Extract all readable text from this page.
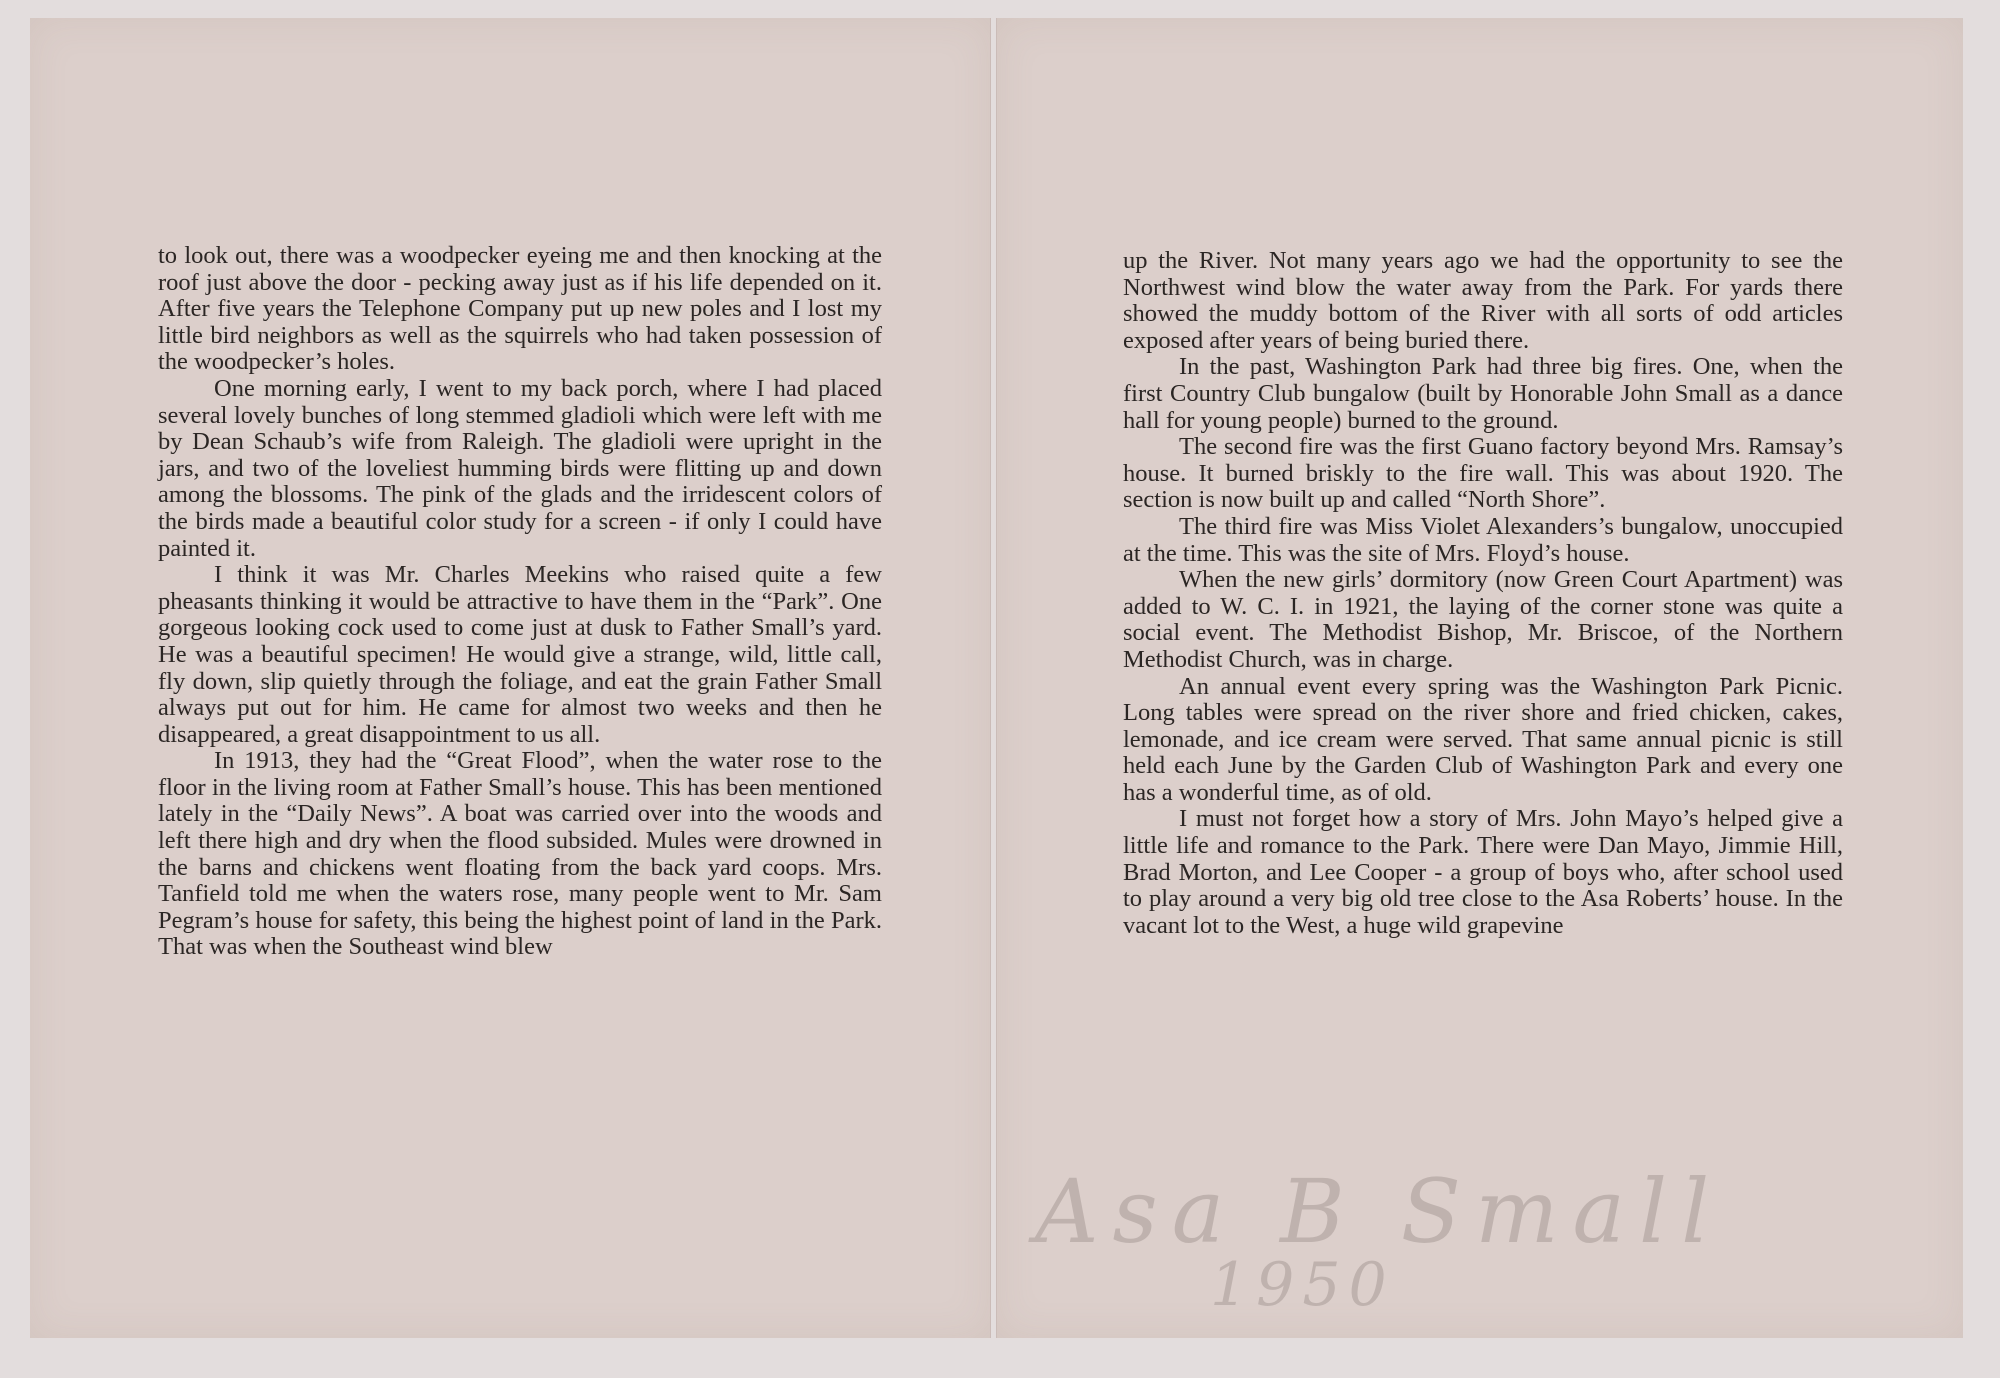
to look out, there was a woodpecker eyeing me and then knocking at the roof just above the door - pecking away just as if his life depended on it. After five years the Telephone Company put up new poles and I lost my little bird neighbors as well as the squirrels who had taken possession of the woodpecker’s holes.

One morning early, I went to my back porch, where I had placed several lovely bunches of long stemmed gladioli which were left with me by Dean Schaub’s wife from Raleigh. The gladioli were upright in the jars, and two of the loveliest humming birds were flitting up and down among the blossoms. The pink of the glads and the irridescent colors of the birds made a beautiful color study for a screen - if only I could have painted it.

I think it was Mr. Charles Meekins who raised quite a few pheasants thinking it would be attractive to have them in the “Park”. One gorgeous looking cock used to come just at dusk to Father Small’s yard. He was a beautiful specimen! He would give a strange, wild, little call, fly down, slip quietly through the foliage, and eat the grain Father Small always put out for him. He came for almost two weeks and then he disappeared, a great disappointment to us all.

In 1913, they had the “Great Flood”, when the water rose to the floor in the living room at Father Small’s house. This has been mentioned lately in the “Daily News”. A boat was carried over into the woods and left there high and dry when the flood subsided. Mules were drowned in the barns and chickens went floating from the back yard coops. Mrs. Tanfield told me when the waters rose, many people went to Mr. Sam Pegram’s house for safety, this being the highest point of land in the Park. That was when the Southeast wind blew

up the River. Not many years ago we had the opportunity to see the Northwest wind blow the water away from the Park. For yards there showed the muddy bottom of the River with all sorts of odd articles exposed after years of being buried there.

In the past, Washington Park had three big fires. One, when the first Country Club bungalow (built by Honorable John Small as a dance hall for young people) burned to the ground.

The second fire was the first Guano factory beyond Mrs. Ramsay’s house. It burned briskly to the fire wall. This was about 1920. The section is now built up and called “North Shore”.

The third fire was Miss Violet Alexanders’s bungalow, unoccupied at the time. This was the site of Mrs. Floyd’s house.

When the new girls’ dormitory (now Green Court Apartment) was added to W. C. I. in 1921, the laying of the corner stone was quite a social event. The Methodist Bishop, Mr. Briscoe, of the Northern Methodist Church, was in charge.

An annual event every spring was the Washington Park Picnic. Long tables were spread on the river shore and fried chicken, cakes, lemonade, and ice cream were served. That same annual picnic is still held each June by the Garden Club of Washington Park and every one has a wonderful time, as of old.

I must not forget how a story of Mrs. John Mayo’s helped give a little life and romance to the Park. There were Dan Mayo, Jimmie Hill, Brad Morton, and Lee Cooper - a group of boys who, after school used to play around a very big old tree close to the Asa Roberts’ house. In the vacant lot to the West, a huge wild grapevine

Asa B Small
1950
